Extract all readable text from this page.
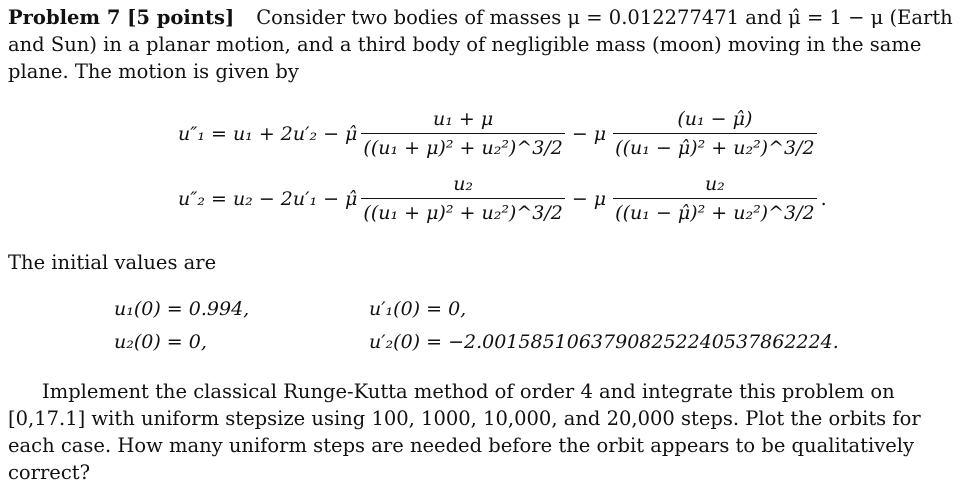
Problem 7 [5 points] Consider two bodies of masses μ = 0.012277471 and μ̂ = 1 − μ (Earth and Sun) in a planar motion, and a third body of negligible mass (moon) moving in the same plane. The motion is given by
u″₁ = u₁ + 2u′₂ − μ̂ $\frac{\text{u₁ + μ}}{\text{((u₁ + μ)² + u₂²)\textasciicircum{}3/2}} - \mu \frac{\text{(u₁ − μ̂)}}{\text{((u₁ − μ̂)² + u₂²)\textasciicircum{}3/2}}$
u″₂ = u₂ − 2u′₁ − μ̂ $\frac{\text{u₂}}{\text{((u₁ + μ)² + u₂²)\textasciicircum{}3/2}} - \mu \frac{\text{u₂}}{\text{((u₁ − μ̂)² + u₂²)\textasciicircum{}3/2}}$ .
The initial values are
u₁(0) = 0.994,
u₂(0) = 0,
u′₁(0) = 0,
u′₂(0) = −2.00158510637908252240537862224.
Implement the classical Runge-Kutta method of order 4 and integrate this problem on [0,17.1] with uniform stepsize using 100, 1000, 10,000, and 20,000 steps. Plot the orbits for each case. How many uniform steps are needed before the orbit appears to be qualitatively correct?
